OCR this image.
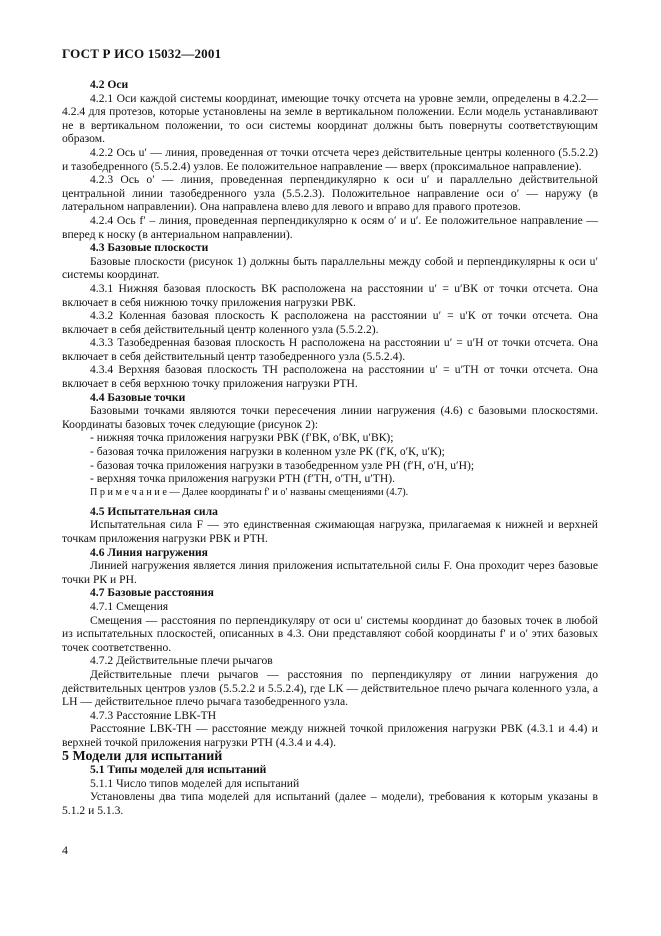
ГОСТ Р ИСО 15032—2001

4.2 Оси

4.2.1 Оси каждой системы координат, имеющие точку отсчета на уровне земли, определены в 4.2.2—4.2.4 для протезов, которые установлены на земле в вертикальном положении. Если модель устанавливают не в вертикальном положении, то оси системы координат должны быть повернуты соответствующим образом.

4.2.2 Ось u′ — линия, проведенная от точки отсчета через действительные центры коленного (5.5.2.2) и тазобедренного (5.5.2.4) узлов. Ее положительное направление — вверх (проксимальное направление).

4.2.3 Ось о′ — линия, проведенная перпендикулярно к оси u′ и параллельно действительной центральной линии тазобедренного узла (5.5.2.3). Положительное направление оси о′ — наружу (в латеральном направлении). Она направлена влево для левого и вправо для правого протезов.

4.2.4 Ось f′ – линия, проведенная перпендикулярно к осям о′ и u′. Ее положительное направление — вперед к носку (в антериальном направлении).

4.3 Базовые плоскости

Базовые плоскости (рисунок 1) должны быть параллельны между собой и перпендикулярны к оси u′ системы координат.

4.3.1 Нижняя базовая плоскость ВК расположена на расстоянии u′ = u′ВК от точки отсчета. Она включает в себя нижнюю точку приложения нагрузки РВК.

4.3.2 Коленная базовая плоскость К расположена на расстоянии u′ = u′К от точки отсчета. Она включает в себя действительный центр коленного узла (5.5.2.2).

4.3.3 Тазобедренная базовая плоскость Н расположена на расстоянии u′ = u′Н от точки отсчета. Она включает в себя действительный центр тазобедренного узла (5.5.2.4).

4.3.4 Верхняя базовая плоскость ТН расположена на расстоянии u′ = u′ТН от точки отсчета. Она включает в себя верхнюю точку приложения нагрузки РТН.

4.4 Базовые точки

Базовыми точками являются точки пересечения линии нагружения (4.6) с базовыми плоскостями. Координаты базовых точек следующие (рисунок 2):

- нижняя точка приложения нагрузки РВК (f′ВК, о′ВК, u′ВК);

- базовая точка приложения нагрузки в коленном узле РК (f′К, о′К, u′К);

- базовая точка приложения нагрузки в тазобедренном узле РН (f′Н, о′Н, u′Н);

- верхняя точка приложения нагрузки РТН (f′ТН, о′ТН, u′ТН).

П р и м е ч а н и е — Далее координаты f′ и о′ названы смещениями (4.7).

4.5 Испытательная сила

Испытательная сила F — это единственная сжимающая нагрузка, прилагаемая к нижней и верхней точкам приложения нагрузки РВК и РТН.

4.6 Линия нагружения

Линией нагружения является линия приложения испытательной силы F. Она проходит через базовые точки РК и РН.

4.7 Базовые расстояния

4.7.1 Смещения

Смещения — расстояния по перпендикуляру от оси u′ системы координат до базовых точек в любой из испытательных плоскостей, описанных в 4.3. Они представляют собой координаты f′ и о′ этих базовых точек соответственно.

4.7.2 Действительные плечи рычагов

Действительные плечи рычагов — расстояния по перпендикуляру от линии нагружения до действительных центров узлов (5.5.2.2 и 5.5.2.4), где LК — действительное плечо рычага коленного узла, а LН — действительное плечо рычага тазобедренного узла.

4.7.3 Расстояние LВК-ТН

Расстояние LВК-ТН — расстояние между нижней точкой приложения нагрузки РВК (4.3.1 и 4.4) и верхней точкой приложения нагрузки РТН (4.3.4 и 4.4).

5 Модели для испытаний

5.1 Типы моделей для испытаний

5.1.1 Число типов моделей для испытаний

Установлены два типа моделей для испытаний (далее – модели), требования к которым указаны в 5.1.2 и 5.1.3.

4
